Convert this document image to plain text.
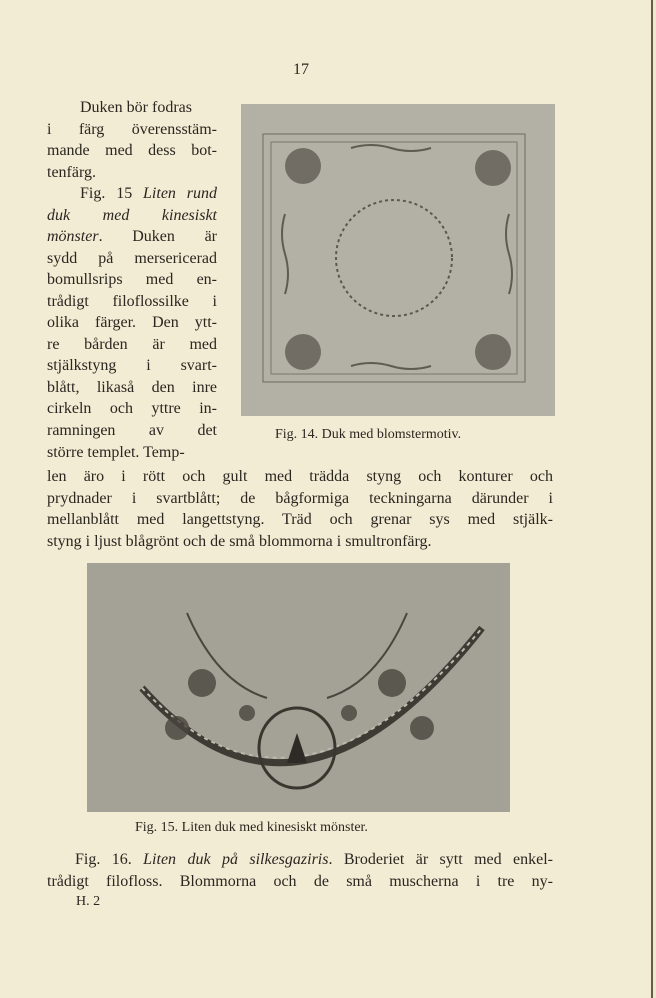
17
Duken bör fodras
i färg överensstäm-
mande med dess bot-
tenfärg.
Fig. 15 Liten rund
duk med kinesiskt
mönster. Duken är
sydd på mersericerad
bomullsrips med en-
trådigt filoflossilke i
olika färger. Den ytt-
re bården är med
stjälkstyng i svart-
blått, likaså den inre
cirkeln och yttre in-
ramningen av det
större templet. Temp-
Fig. 14. Duk med blomstermotiv.
len äro i rött och gult med trädda styng och konturer och
prydnader i svartblått; de bågformiga teckningarna därunder i
mellanblått med langettstyng. Träd och grenar sys med stjälk-
styng i ljust blågrönt och de små blommorna i smultronfärg.
Fig. 15. Liten duk med kinesiskt mönster.
Fig. 16. Liten duk på silkesgaziris. Broderiet är sytt med enkel-
trådigt filofloss. Blommorna och de små muscherna i tre ny-
H. 2
